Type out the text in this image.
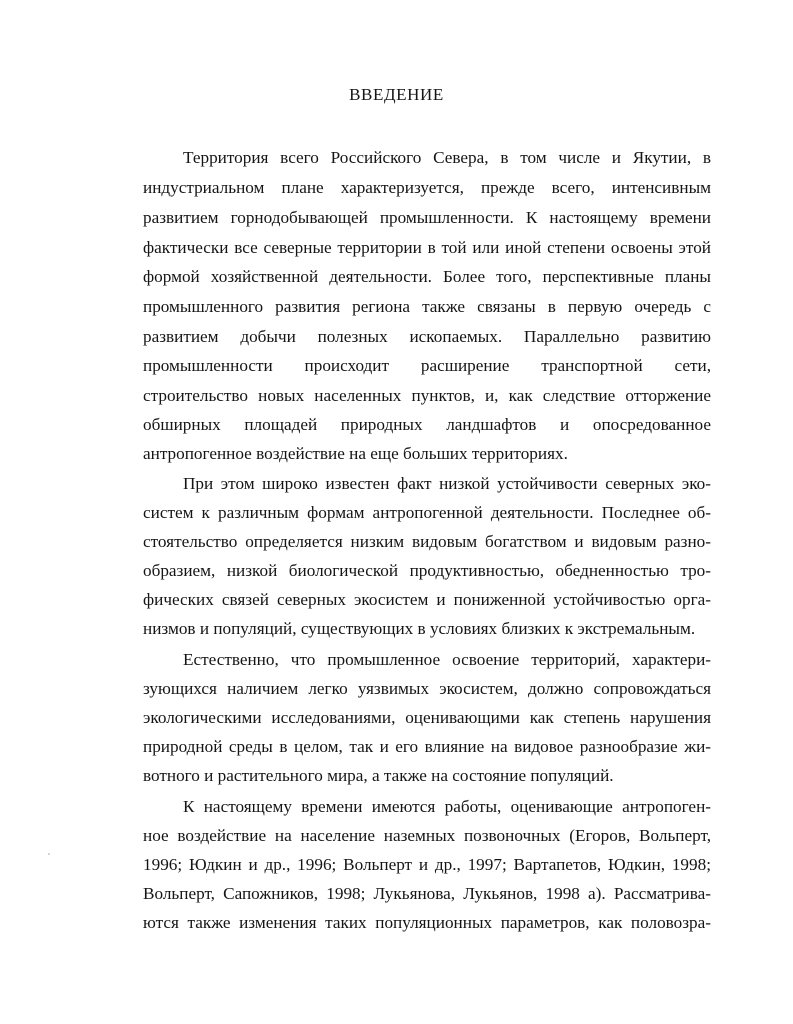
ВВЕДЕНИЕ
Территория всего Российского Севера, в том числе и Якутии, в
индустриальном плане характеризуется, прежде всего, интенсивным
развитием горнодобывающей промышленности. К настоящему времени
фактически все северные территории в той или иной степени освоены этой
формой хозяйственной деятельности. Более того, перспективные планы
промышленного развития региона также связаны в первую очередь с
развитием добычи полезных ископаемых. Параллельно развитию
промышленности происходит расширение транспортной сети,
строительство новых населенных пунктов, и, как следствие отторжение
обширных площадей природных ландшафтов и опосредованное
антропогенное воздействие на еще больших территориях.
При этом широко известен факт низкой устойчивости северных эко-
систем к различным формам антропогенной деятельности. Последнее об-
стоятельство определяется низким видовым богатством и видовым разно-
образием, низкой биологической продуктивностью, обедненностью тро-
фических связей северных экосистем и пониженной устойчивостью орга-
низмов и популяций, существующих в условиях близких к экстремальным.
Естественно, что промышленное освоение территорий, характери-
зующихся наличием легко уязвимых экосистем, должно сопровождаться
экологическими исследованиями, оценивающими как степень нарушения
природной среды в целом, так и его влияние на видовое разнообразие жи-
вотного и растительного мира, а также на состояние популяций.
К настоящему времени имеются работы, оценивающие антропоген-
ное воздействие на население наземных позвоночных (Егоров, Вольперт,
1996; Юдкин и др., 1996; Вольперт и др., 1997; Вартапетов, Юдкин, 1998;
Вольперт, Сапожников, 1998; Лукьянова, Лукьянов, 1998 а). Рассматрива-
ются также изменения таких популяционных параметров, как половозра-
